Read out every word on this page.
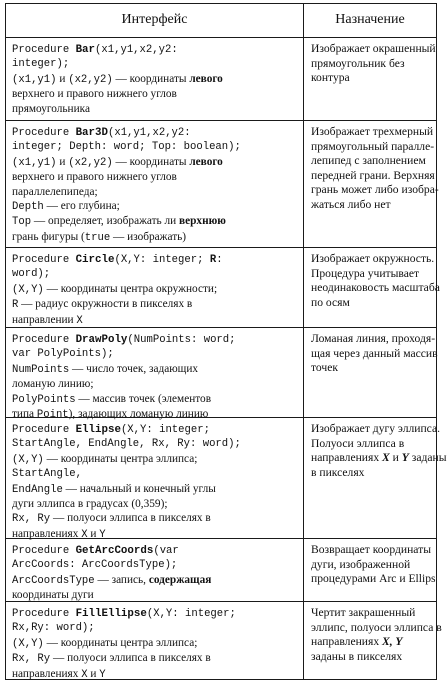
Интерфейс	Назначение
Procedure Bar(x1,y1,x2,y2:
integer);
(x1,y1) и (x2,y2) — координаты левого
верхнего и правого нижнего углов
прямоугольника
Изображает окрашенный
прямоугольник без
контура
Procedure Bar3D(x1,y1,x2,y2:
integer; Depth: word; Top: boolean);
(x1,y1) и (x2,y2) — координаты левого
верхнего и правого нижнего углов
параллелепипеда;
Depth — его глубина;
Top — определяет, изображать ли верхнюю
грань фигуры (true — изображать)
Изображает трехмерный
прямоугольный паралле-
лепипед с заполнением
передней грани. Верхняя
грань может либо изобра-
жаться либо нет
Procedure Circle(X,Y: integer; R:
word);
(X,Y) — координаты центра окружности;
R — радиус окружности в пикселях в
направлении X
Изображает окружность.
Процедура учитывает
неодинаковость масштаба
по осям
Procedure DrawPoly(NumPoints: word;
var PolyPoints);
NumPoints — число точек, задающих
ломаную линию;
PolyPoints — массив точек (элементов
типа Point), задающих ломаную линию
Ломаная линия, проходя-
щая через данный массив
точек
Procedure Ellipse(X,Y: integer;
StartAngle, EndAngle, Rx, Ry: word);
(X,Y) — координаты центра эллипса;
StartAngle,
EndAngle — начальный и конечный углы
дуги эллипса в градусах (0,359);
Rx, Ry — полуоси эллипса в пикселях в
направлениях X и Y
Изображает дугу эллипса.
Полуоси эллипса в
направлениях X и Y заданы
в пикселях
Procedure GetArcCoords(var
ArcCoords: ArcCoordsType);
ArcCoordsType — запись, содержащая
координаты дуги
Возвращает координаты
дуги, изображенной
процедурами Arc и Ellips
Procedure FillEllipse(X,Y: integer;
Rx,Ry: word);
(X,Y) — координаты центра эллипса;
Rx, Ry — полуоси эллипса в пикселях в
направлениях X и Y
Чертит закрашенный
эллипс, полуоси эллипса в
направлениях X, Y
заданы в пикселях
